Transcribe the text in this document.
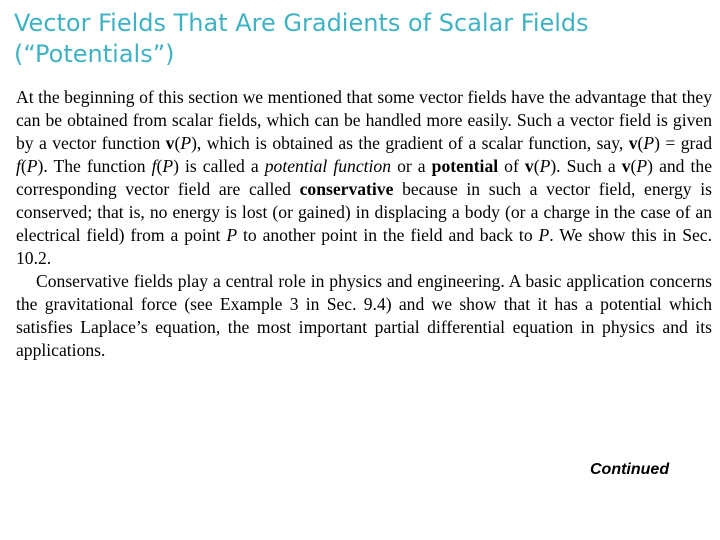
Vector Fields That Are Gradients of Scalar Fields
(“Potentials”)

At the beginning of this section we mentioned that some vector fields have the advantage that they can be obtained from scalar fields, which can be handled more easily. Such a vector field is given by a vector function v(P), which is obtained as the gradient of a scalar function, say, v(P) = grad f(P). The function f(P) is called a potential function or a potential of v(P). Such a v(P) and the corresponding vector field are called conservative because in such a vector field, energy is conserved; that is, no energy is lost (or gained) in displacing a body (or a charge in the case of an electrical field) from a point P to another point in the field and back to P. We show this in Sec. 10.2.

Conservative fields play a central role in physics and engineering. A basic application concerns the gravitational force (see Example 3 in Sec. 9.4) and we show that it has a potential which satisfies Laplace’s equation, the most important partial differential equation in physics and its applications.

Continued
